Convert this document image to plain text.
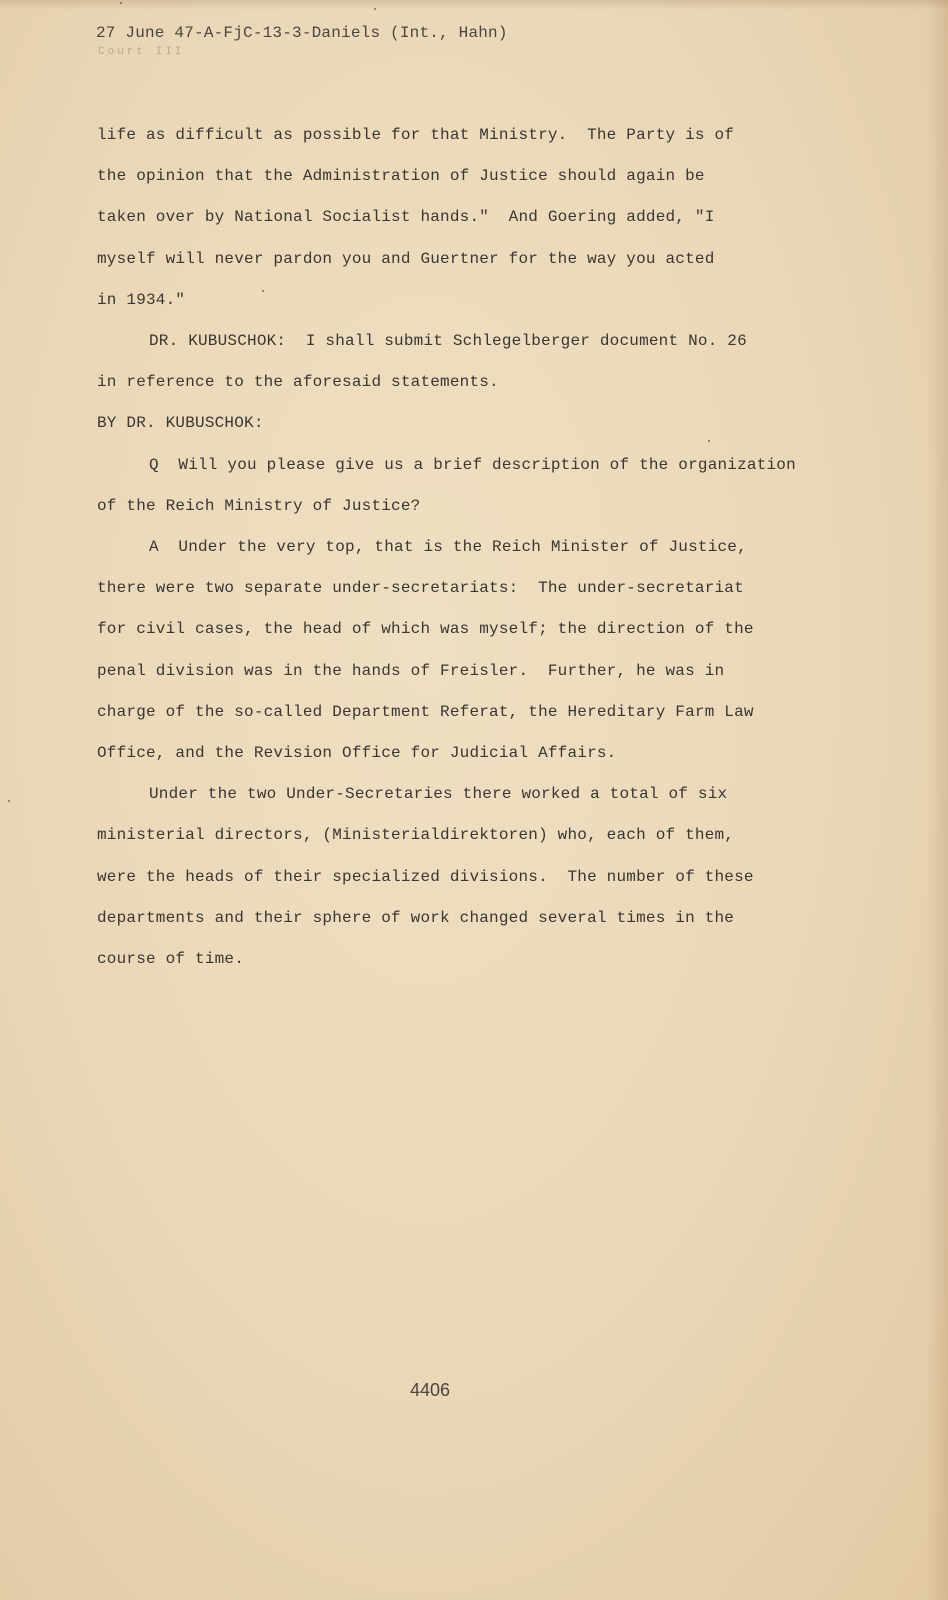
27 June 47-A-FjC-13-3-Daniels (Int., Hahn)
Court III
life as difficult as possible for that Ministry.  The Party is of
the opinion that the Administration of Justice should again be
taken over by National Socialist hands."  And Goering added, "I
myself will never pardon you and Guertner for the way you acted
in 1934."
DR. KUBUSCHOK:  I shall submit Schlegelberger document No. 26
in reference to the aforesaid statements.
BY DR. KUBUSCHOK:
Q  Will you please give us a brief description of the organization
of the Reich Ministry of Justice?
A  Under the very top, that is the Reich Minister of Justice,
there were two separate under-secretariats:  The under-secretariat
for civil cases, the head of which was myself; the direction of the
penal division was in the hands of Freisler.  Further, he was in
charge of the so-called Department Referat, the Hereditary Farm Law
Office, and the Revision Office for Judicial Affairs.
Under the two Under-Secretaries there worked a total of six
ministerial directors, (Ministerialdirektoren) who, each of them,
were the heads of their specialized divisions.  The number of these
departments and their sphere of work changed several times in the
course of time.
4406
